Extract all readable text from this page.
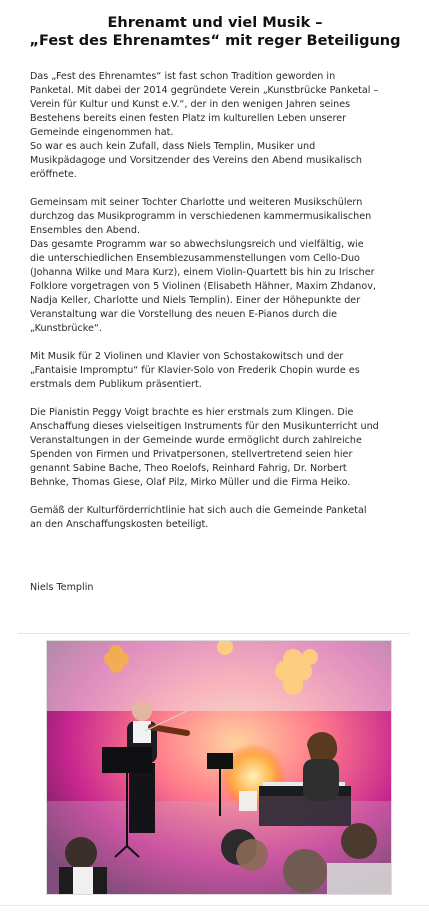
Ehrenamt und viel Musik –
„Fest des Ehrenamtes“ mit reger Beteiligung

Das „Fest des Ehrenamtes“ ist fast schon Tradition geworden in Panketal. Mit dabei der 2014 gegründete Verein „Kunstbrücke Panketal – Verein für Kultur und Kunst e.V.“, der in den wenigen Jahren seines Bestehens bereits einen festen Platz im kulturellen Leben unserer Gemeinde eingenommen hat.
So war es auch kein Zufall, dass Niels Templin, Musiker und Musikpädagoge und Vorsitzender des Vereins den Abend musikalisch eröffnete.

Gemeinsam mit seiner Tochter Charlotte und weiteren Musikschülern durchzog das Musikprogramm in verschiedenen kammermusikalischen Ensembles den Abend.
Das gesamte Programm war so abwechslungsreich und vielfältig, wie die unterschiedlichen Ensemblezusammenstellungen vom Cello-Duo (Johanna Wilke und Mara Kurz), einem Violin-Quartett bis hin zu Irischer Folklore vorgetragen von 5 Violinen (Elisabeth Hähner, Maxim Zhdanov, Nadja Keller, Charlotte und Niels Templin). Einer der Höhepunkte der Veranstaltung war die Vorstellung des neuen E-Pianos durch die „Kunstbrücke“.

Mit Musik für 2 Violinen und Klavier von Schostakowitsch und der „Fantaisie Impromptu“ für Klavier-Solo von Frederik Chopin wurde es erstmals dem Publikum präsentiert.

Die Pianistin Peggy Voigt brachte es hier erstmals zum Klingen. Die Anschaffung dieses vielseitigen Instruments für den Musikunterricht und Veranstaltungen in der Gemeinde wurde ermöglicht durch zahlreiche Spenden von Firmen und Privatpersonen, stellvertretend seien hier genannt Sabine Bache, Theo Roelofs, Reinhard Fahrig, Dr. Norbert Behnke, Thomas Giese, Olaf Pilz, Mirko Müller und die Firma Heiko.

Gemäß der Kulturförderrichtlinie hat sich auch die Gemeinde Panketal an den Anschaffungskosten beteiligt.

Niels Templin
